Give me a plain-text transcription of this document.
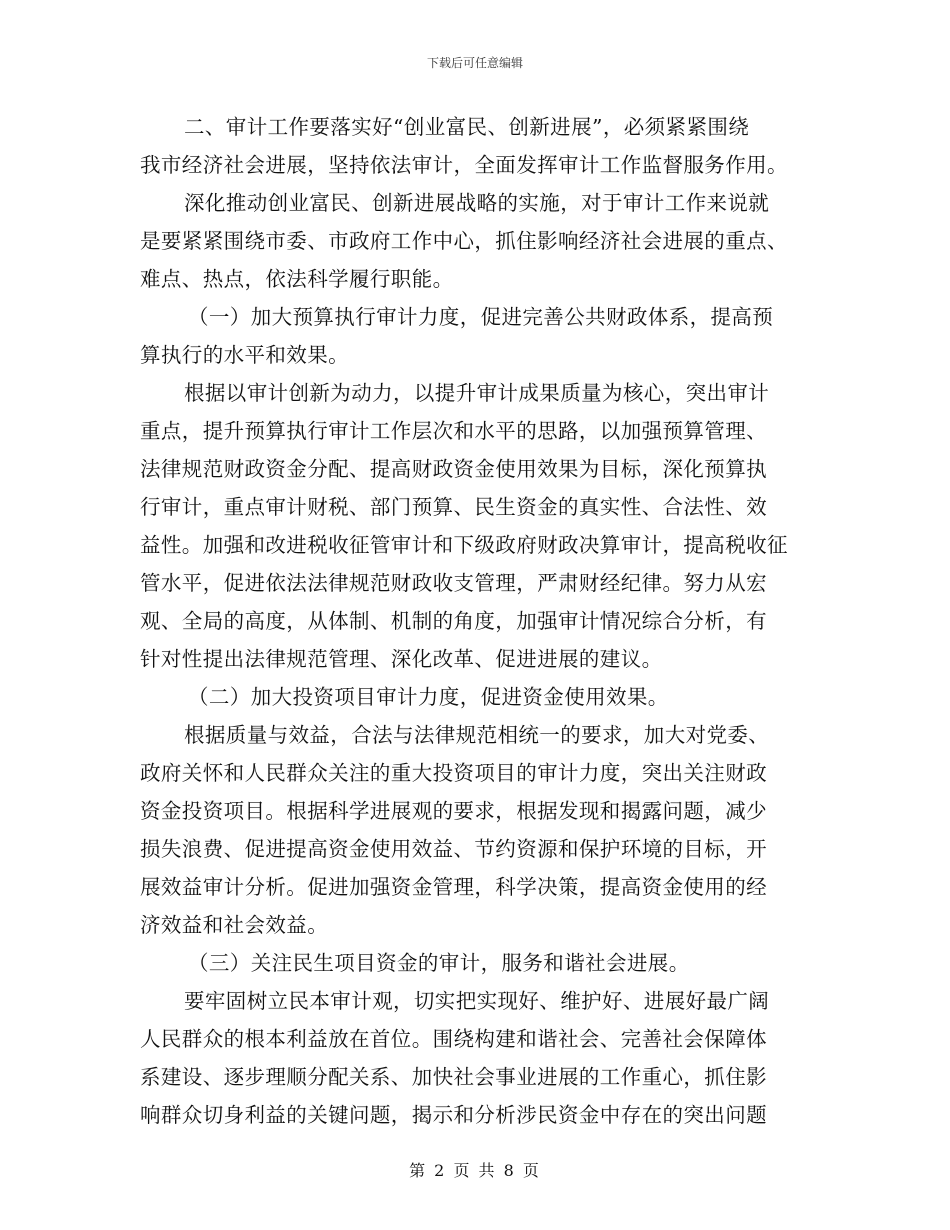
下载后可任意编辑
二、审计工作要落实好“创业富民、创新进展”，必须紧紧围绕
我市经济社会进展，坚持依法审计，全面发挥审计工作监督服务作用。
深化推动创业富民、创新进展战略的实施，对于审计工作来说就
是要紧紧围绕市委、市政府工作中心，抓住影响经济社会进展的重点、
难点、热点，依法科学履行职能。
（一）加大预算执行审计力度，促进完善公共财政体系，提高预
算执行的水平和效果。
根据以审计创新为动力，以提升审计成果质量为核心，突出审计
重点，提升预算执行审计工作层次和水平的思路，以加强预算管理、
法律规范财政资金分配、提高财政资金使用效果为目标，深化预算执
行审计，重点审计财税、部门预算、民生资金的真实性、合法性、效
益性。加强和改进税收征管审计和下级政府财政决算审计，提高税收征
管水平，促进依法法律规范财政收支管理，严肃财经纪律。努力从宏
观、全局的高度，从体制、机制的角度，加强审计情况综合分析，有
针对性提出法律规范管理、深化改革、促进进展的建议。
（二）加大投资项目审计力度，促进资金使用效果。
根据质量与效益，合法与法律规范相统一的要求，加大对党委、
政府关怀和人民群众关注的重大投资项目的审计力度，突出关注财政
资金投资项目。根据科学进展观的要求，根据发现和揭露问题，减少
损失浪费、促进提高资金使用效益、节约资源和保护环境的目标，开
展效益审计分析。促进加强资金管理，科学决策，提高资金使用的经
济效益和社会效益。
（三）关注民生项目资金的审计，服务和谐社会进展。
要牢固树立民本审计观，切实把实现好、维护好、进展好最广阔
人民群众的根本利益放在首位。围绕构建和谐社会、完善社会保障体
系建设、逐步理顺分配关系、加快社会事业进展的工作重心，抓住影
响群众切身利益的关键问题，揭示和分析涉民资金中存在的突出问题
第 2 页 共 8 页
